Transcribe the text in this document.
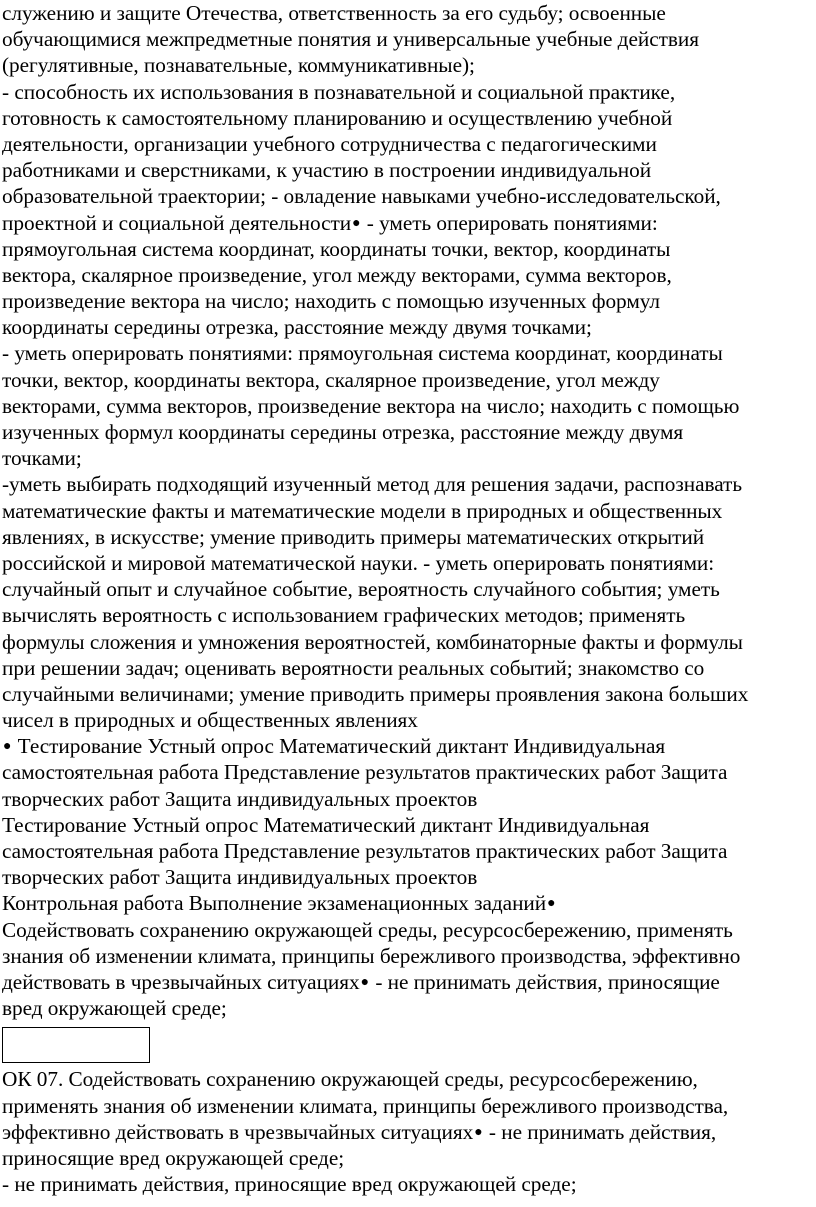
служению и защите Отечества, ответственность за его судьбу; освоенные
обучающимися межпредметные понятия и универсальные учебные действия
(регулятивные, познавательные, коммуникативные);
- способность их использования в познавательной и социальной практике,
готовность к самостоятельному планированию и осуществлению учебной
деятельности, организации учебного сотрудничества с педагогическими
работниками и сверстниками, к участию в построении индивидуальной
образовательной траектории; - овладение навыками учебно-исследовательской,
проектной и социальной деятельности● - уметь оперировать понятиями:
прямоугольная система координат, координаты точки, вектор, координаты
вектора, скалярное произведение, угол между векторами, сумма векторов,
произведение вектора на число; находить с помощью изученных формул
координаты середины отрезка, расстояние между двумя точками;
- уметь оперировать понятиями: прямоугольная система координат, координаты
точки, вектор, координаты вектора, скалярное произведение, угол между
векторами, сумма векторов, произведение вектора на число; находить с помощью
изученных формул координаты середины отрезка, расстояние между двумя
точками;
-уметь выбирать подходящий изученный метод для решения задачи, распознавать
математические факты и математические модели в природных и общественных
явлениях, в искусстве; умение приводить примеры математических открытий
российской и мировой математической науки. - уметь оперировать понятиями:
случайный опыт и случайное событие, вероятность случайного события; уметь
вычислять вероятность с использованием графических методов; применять
формулы сложения и умножения вероятностей, комбинаторные факты и формулы
при решении задач; оценивать вероятности реальных событий; знакомство со
случайными величинами; умение приводить примеры проявления закона больших
чисел в природных и общественных явлениях
● Тестирование Устный опрос Математический диктант Индивидуальная
самостоятельная работа Представление результатов практических работ Защита
творческих работ Защита индивидуальных проектов
Тестирование Устный опрос Математический диктант Индивидуальная
самостоятельная работа Представление результатов практических работ Защита
творческих работ Защита индивидуальных проектов
Контрольная работа Выполнение экзаменационных заданий●
Содействовать сохранению окружающей среды, ресурсосбережению, применять
знания об изменении климата, принципы бережливого производства, эффективно
действовать в чрезвычайных ситуациях● - не принимать действия, приносящие
вред окружающей среде;
ОК 07. Содействовать сохранению окружающей среды, ресурсосбережению,
применять знания об изменении климата, принципы бережливого производства,
эффективно действовать в чрезвычайных ситуациях● - не принимать действия,
приносящие вред окружающей среде;
- не принимать действия, приносящие вред окружающей среде;
